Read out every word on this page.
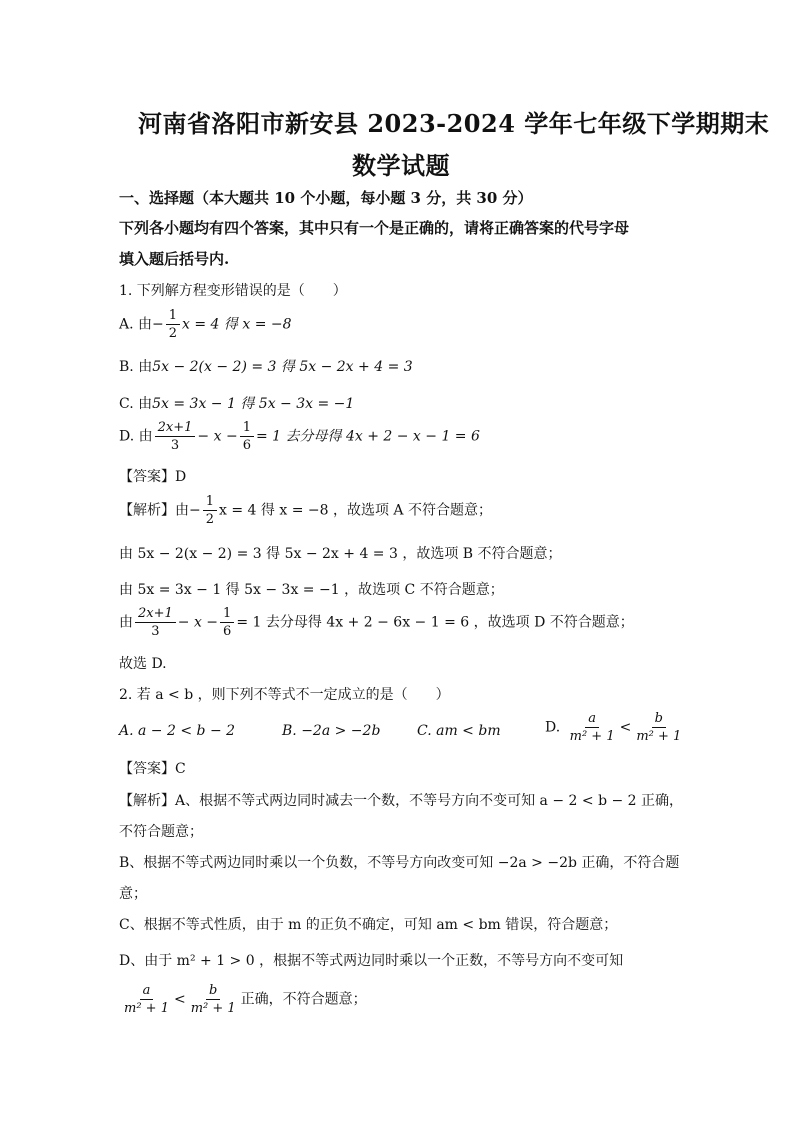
河南省洛阳市新安县 2023-2024 学年七年级下学期期末
数学试题
一、选择题（本大题共 10 个小题，每小题 3 分，共 30 分）
下列各小题均有四个答案，其中只有一个是正确的，请将正确答案的代号字母
填入题后括号内.
1. 下列解方程变形错误的是（　　）
A. 由− $\frac{1}{2}$ x = 4 得 x = −8
B. 由5x − 2(x − 2) = 3 得 5x − 2x + 4 = 3
C. 由5x = 3x − 1 得 5x − 3x = −1
D. 由 $\frac{2x+1}{3} - x - \frac{1}{6} = 1$ 去分母得 4x + 2 − x − 1 = 6
【答案】D
【解析】由− $\frac{1}{2}$ x = 4 得 x = −8 ，故选项 A 不符合题意；
由 5x − 2(x − 2) = 3 得 5x − 2x + 4 = 3 ，故选项 B 不符合题意；
由 5x = 3x − 1 得 5x − 3x = −1 ，故选项 C 不符合题意；
由 $\frac{2x+1}{3} - x - \frac{1}{6} = 1$ 去分母得 4x + 2 − 6x − 1 = 6 ，故选项 D 不符合题意；
故选 D.
2. 若 a < b ，则下列不等式不一定成立的是（　　）
A. a − 2 < b − 2	B. −2a > −2b	C. am < bm	D. $\frac{a}{\text{m² + 1}} < \frac{b}{\text{m² + 1}}$
【答案】C
【解析】A、根据不等式两边同时减去一个数，不等号方向不变可知 a − 2 < b − 2 正确，
不符合题意；
B、根据不等式两边同时乘以一个负数，不等号方向改变可知 −2a > −2b 正确，不符合题
意；
C、根据不等式性质，由于 m 的正负不确定，可知 am < bm 错误，符合题意；
D、由于 m² + 1 > 0 ，根据不等式两边同时乘以一个正数，不等号方向不变可知
$\frac{a}{\text{m² + 1}} < \frac{b}{\text{m² + 1}}$ 正确，不符合题意；
